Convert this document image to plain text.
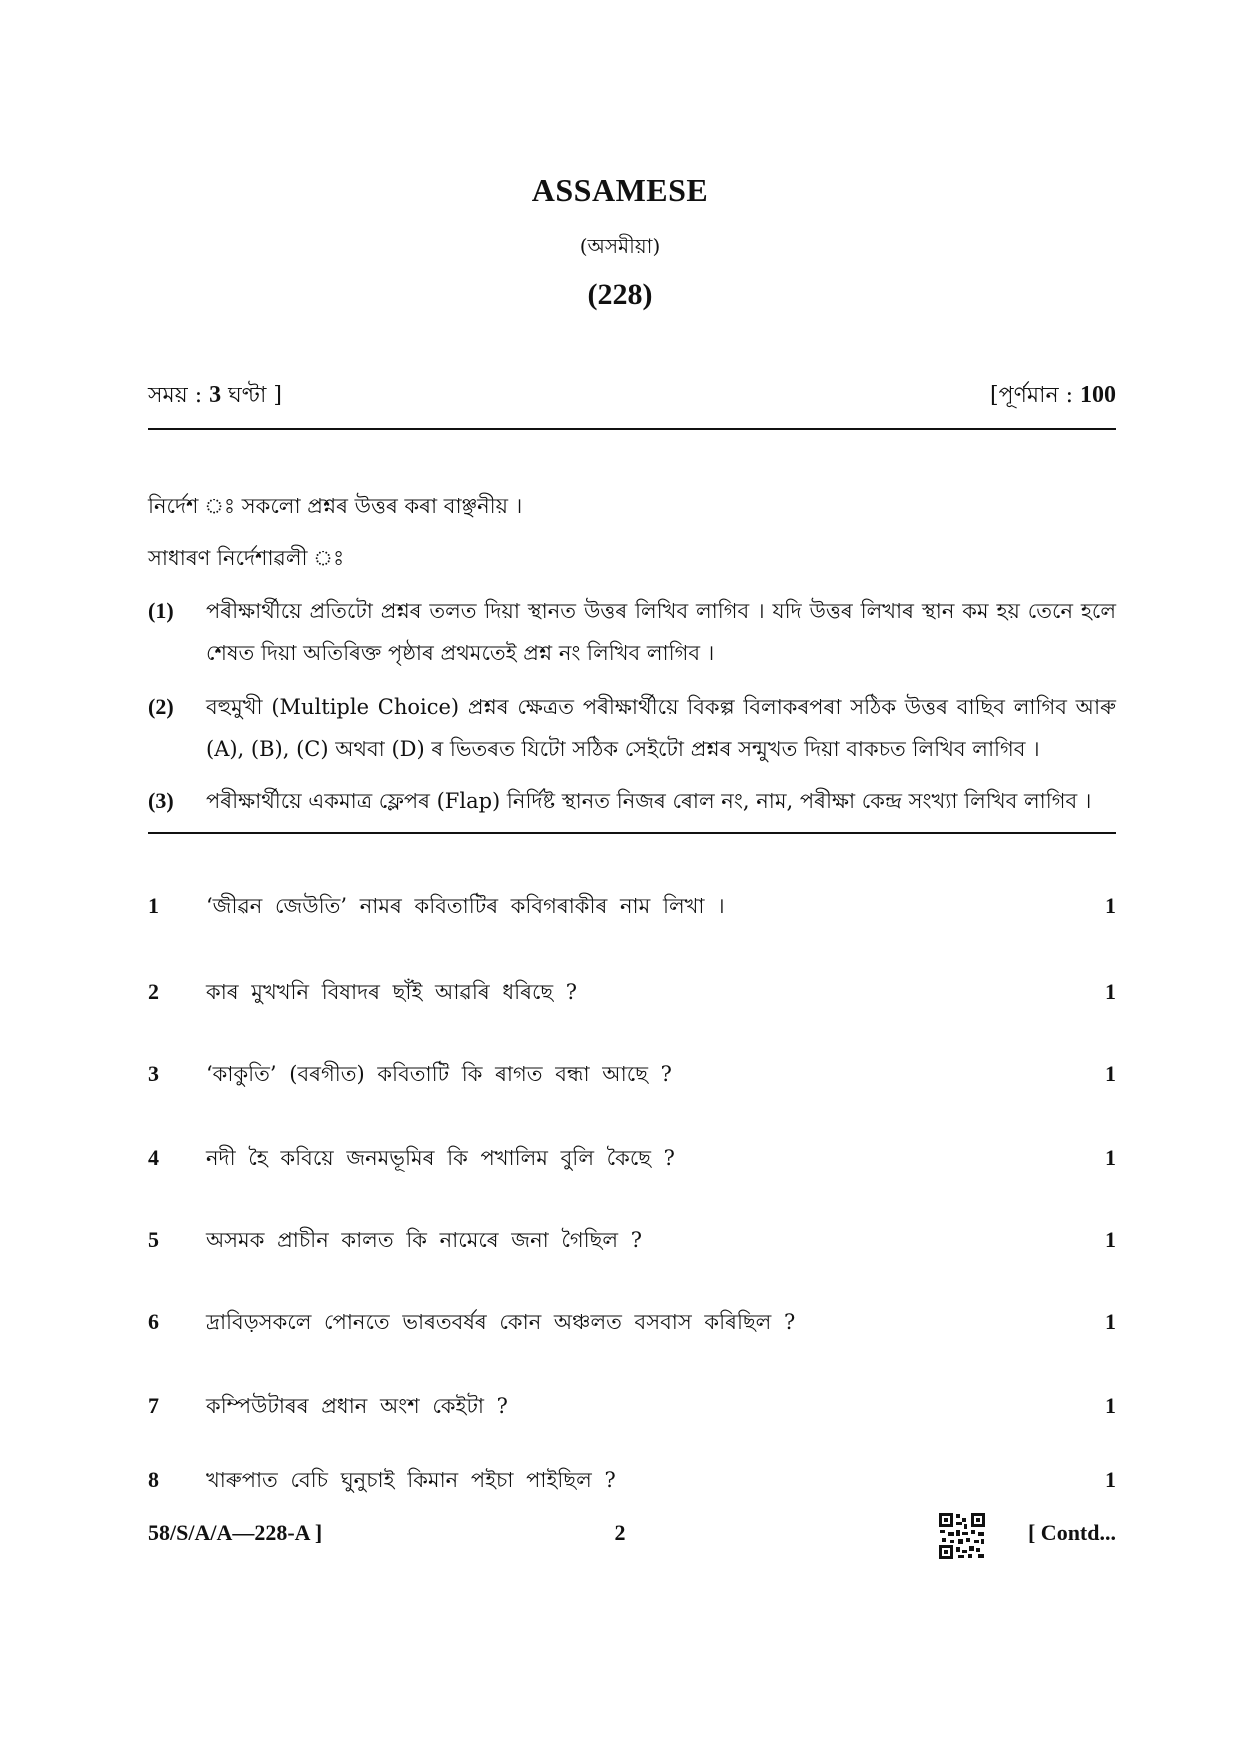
ASSAMESE
(অসমীয়া)
(228)
সময় : 3 ঘণ্টা ]	[পূৰ্ণমান : 100
নিৰ্দেশ ঃ সকলো প্ৰশ্নৰ উত্তৰ কৰা বাঞ্ছনীয় ।
সাধাৰণ নিৰ্দেশাৱলী ঃ
(1) পৰীক্ষাৰ্থীয়ে প্ৰতিটো প্ৰশ্নৰ তলত দিয়া স্থানত উত্তৰ লিখিব লাগিব । যদি উত্তৰ লিখাৰ স্থান কম হয় তেনে হলে শেষত দিয়া অতিৰিক্ত পৃষ্ঠাৰ প্ৰথমতেই প্ৰশ্ন নং লিখিব লাগিব ।
(2) বহুমুখী (Multiple Choice) প্ৰশ্নৰ ক্ষেত্ৰত পৰীক্ষাৰ্থীয়ে বিকল্প বিলাকৰপৰা সঠিক উত্তৰ বাছিব লাগিব আৰু (A), (B), (C) অথবা (D) ৰ ভিতৰত যিটো সঠিক সেইটো প্ৰশ্নৰ সন্মুখত দিয়া বাকচত লিখিব লাগিব ।
(3) পৰীক্ষাৰ্থীয়ে একমাত্ৰ ফ্লেপৰ (Flap) নিৰ্দিষ্ট স্থানত নিজৰ ৰোল নং, নাম, পৰীক্ষা কেন্দ্ৰ সংখ্যা লিখিব লাগিব ।
1 ‘জীৱন জেউতি’ নামৰ কবিতাটিৰ কবিগৰাকীৰ নাম লিখা ।	1
2 কাৰ মুখখনি বিষাদৰ ছাঁই আৱৰি ধৰিছে ?	1
3 ‘কাকুতি’ (বৰগীত) কবিতাটি কি ৰাগত বন্ধা আছে ?	1
4 নদী হৈ কবিয়ে জনমভূমিৰ কি পখালিম বুলি কৈছে ?	1
5 অসমক প্ৰাচীন কালত কি নামেৰে জনা গৈছিল ?	1
6 দ্ৰাবিড়সকলে পোনতে ভাৰতবৰ্ষৰ কোন অঞ্চলত বসবাস কৰিছিল ?	1
7 কম্পিউটাৰৰ প্ৰধান অংশ কেইটা ?	1
8 খাৰুপাত বেচি ঘুনুচাই কিমান পইচা পাইছিল ?	1
58/S/A/A—228-A ]	2	[ Contd...
